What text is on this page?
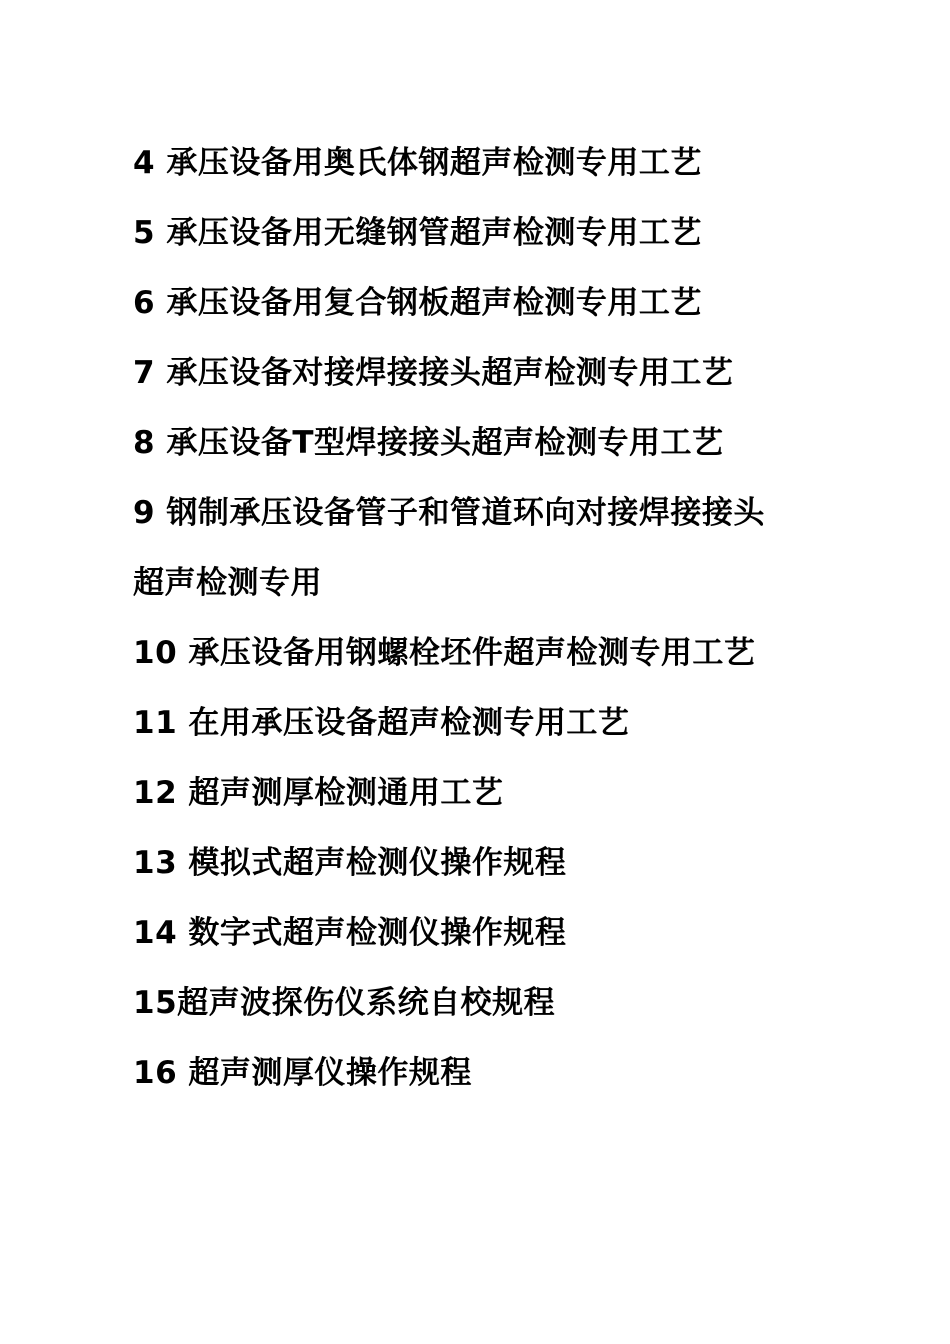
4 承压设备用奥氏体钢超声检测专用工艺
5 承压设备用无缝钢管超声检测专用工艺
6 承压设备用复合钢板超声检测专用工艺
7 承压设备对接焊接接头超声检测专用工艺
8 承压设备T型焊接接头超声检测专用工艺
9 钢制承压设备管子和管道环向对接焊接接头
超声检测专用
10 承压设备用钢螺栓坯件超声检测专用工艺
11 在用承压设备超声检测专用工艺
12 超声测厚检测通用工艺
13 模拟式超声检测仪操作规程
14 数字式超声检测仪操作规程
15超声波探伤仪系统自校规程
16 超声测厚仪操作规程
